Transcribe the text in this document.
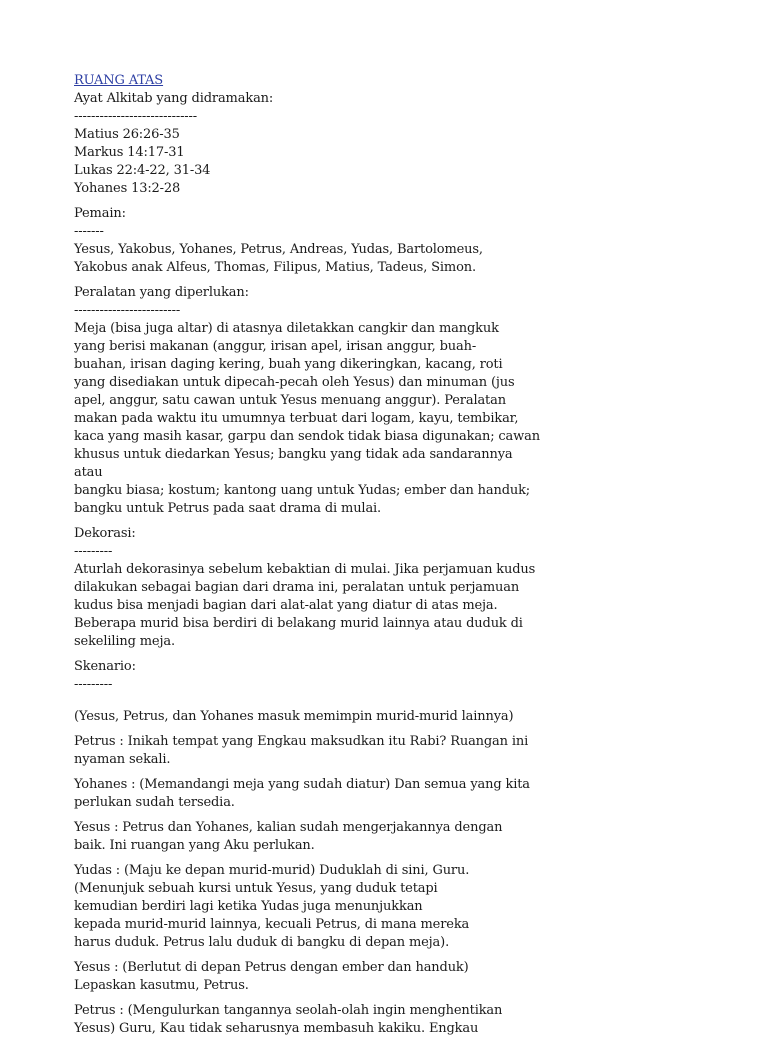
RUANG ATAS
Ayat Alkitab yang didramakan:
-----------------------------
Matius 26:26-35
Markus 14:17-31
Lukas 22:4-22, 31-34
Yohanes 13:2-28
Pemain:
-------
Yesus, Yakobus, Yohanes, Petrus, Andreas, Yudas, Bartolomeus,
Yakobus anak Alfeus, Thomas, Filipus, Matius, Tadeus, Simon.
Peralatan yang diperlukan:
-------------------------
Meja (bisa juga altar) di atasnya diletakkan cangkir dan mangkuk
yang berisi makanan (anggur, irisan apel, irisan anggur, buah-
buahan, irisan daging kering, buah yang dikeringkan, kacang, roti
yang disediakan untuk dipecah-pecah oleh Yesus) dan minuman (jus
apel, anggur, satu cawan untuk Yesus menuang anggur). Peralatan
makan pada waktu itu umumnya terbuat dari logam, kayu, tembikar,
kaca yang masih kasar, garpu dan sendok tidak biasa digunakan; cawan
khusus untuk diedarkan Yesus; bangku yang tidak ada sandarannya atau
bangku biasa; kostum; kantong uang untuk Yudas; ember dan handuk;
bangku untuk Petrus pada saat drama di mulai.
Dekorasi:
---------
Aturlah dekorasinya sebelum kebaktian di mulai. Jika perjamuan kudus
dilakukan sebagai bagian dari drama ini, peralatan untuk perjamuan
kudus bisa menjadi bagian dari alat-alat yang diatur di atas meja.
Beberapa murid bisa berdiri di belakang murid lainnya atau duduk di
sekeliling meja.
Skenario:
---------
(Yesus, Petrus, dan Yohanes masuk memimpin murid-murid lainnya)
Petrus : Inikah tempat yang Engkau maksudkan itu Rabi? Ruangan ini
nyaman sekali.
Yohanes : (Memandangi meja yang sudah diatur) Dan semua yang kita
perlukan sudah tersedia.
Yesus : Petrus dan Yohanes, kalian sudah mengerjakannya dengan
baik. Ini ruangan yang Aku perlukan.
Yudas : (Maju ke depan murid-murid) Duduklah di sini, Guru.
(Menunjuk sebuah kursi untuk Yesus, yang duduk tetapi
kemudian berdiri lagi ketika Yudas juga menunjukkan
kepada murid-murid lainnya, kecuali Petrus, di mana mereka
harus duduk. Petrus lalu duduk di bangku di depan meja).
Yesus : (Berlutut di depan Petrus dengan ember dan handuk)
Lepaskan kasutmu, Petrus.
Petrus : (Mengulurkan tangannya seolah-olah ingin menghentikan
Yesus) Guru, Kau tidak seharusnya membasuh kakiku. Engkau
